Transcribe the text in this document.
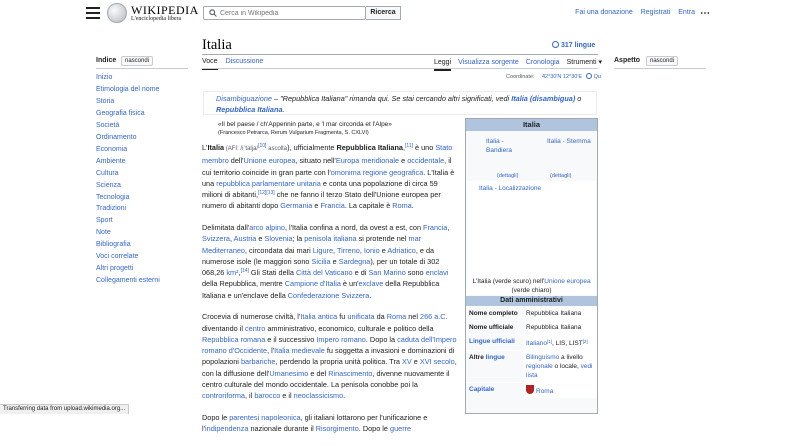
WIKIPEDIA
L'enciclopedia libera
Cerca in Wikipedia
Ricerca	Fai una donazione Registrati Entra ⋯
Italia	317 lingue
Voce Discussione	Leggi Visualizza sorgente Cronologia Strumenti ▾
Indice	nascondi
Inizio
Etimologia del nome
Storia
Geografia fisica
Società
Ordinamento
Economia
Ambiente
Cultura
Scienza
Tecnologia
Tradizioni
Sport
Note
Bibliografia
Voci correlate
Altri progetti
Collegamenti esterni
Aspetto	nascondi
Coordinate: 42°30′N 12°30′E Qu
Disambiguazione – "Repubblica Italiana" rimanda qui. Se stai cercando altri significati, vedi Italia (disambigua) o Repubblica Italiana.
«Il bel paese / ch'Appennin parte, e 'l mar circonda et l'Alpe»
(Francesco Petrarca, Rerum Vulgarium Fragmenta, S. CXLVI)

L'Italia (AFI: /iˈtalja/[10] ascolta), ufficialmente Repubblica Italiana,[11] è uno Stato membro dell'Unione europea, situato nell'Europa meridionale e occidentale, il cui territorio coincide in gran parte con l'omonima regione geografica. L'Italia è una repubblica parlamentare unitaria e conta una popolazione di circa 59 milioni di abitanti,[12][13] che ne fanno il terzo Stato dell'Unione europea per numero di abitanti dopo Germania e Francia. La capitale è Roma.

Delimitata dall'arco alpino, l'Italia confina a nord, da ovest a est, con Francia, Svizzera, Austria e Slovenia; la penisola italiana si protende nel mar Mediterraneo, circondata dai mari Ligure, Tirreno, Ionio e Adriatico, e da numerose isole (le maggiori sono Sicilia e Sardegna), per un totale di 302 068,26 km²,[14] Gli Stati della Città del Vaticano e di San Marino sono enclavi della Repubblica, mentre Campione d'Italia è un'exclave della Repubblica Italiana e un'enclave della Confederazione Svizzera.

Crocevia di numerose civiltà, l'Italia antica fu unificata da Roma nel 266 a.C. diventando il centro amministrativo, economico, culturale e politico della Repubblica romana e il successivo Impero romano. Dopo la caduta dell'Impero romano d'Occidente, l'Italia medievale fu soggetta a invasioni e dominazioni di popolazioni barbariche, perdendo la propria unità politica. Tra XV e XVI secolo, con la diffusione dell'Umanesimo e del Rinascimento, divenne nuovamente il centro culturale del mondo occidentale. La penisola conobbe poi la controriforma, il barocco e il neoclassicismo.

Dopo le parentesi napoleonica, gli italiani lottarono per l'unificazione e l'indipendenza nazionale durante il Risorgimento. Dopo le guerre

Italia
Italia - Bandiera
Italia - Stemma
(dettagli)	(dettagli)
Italia - Localizzazione
L'Italia (verde scuro) nell'Unione europea (verde chiaro)
Dati amministrativi
Nome completo	Repubblica Italiana
Nome ufficiale	Repubblica Italiana
Lingue ufficiali	Italiano[1], LIS, LIST[2]
Altre lingue	Bilinguismo a livello regionale o locale, vedi lista
Capitale	Roma
Transferring data from upload.wikimedia.org...
